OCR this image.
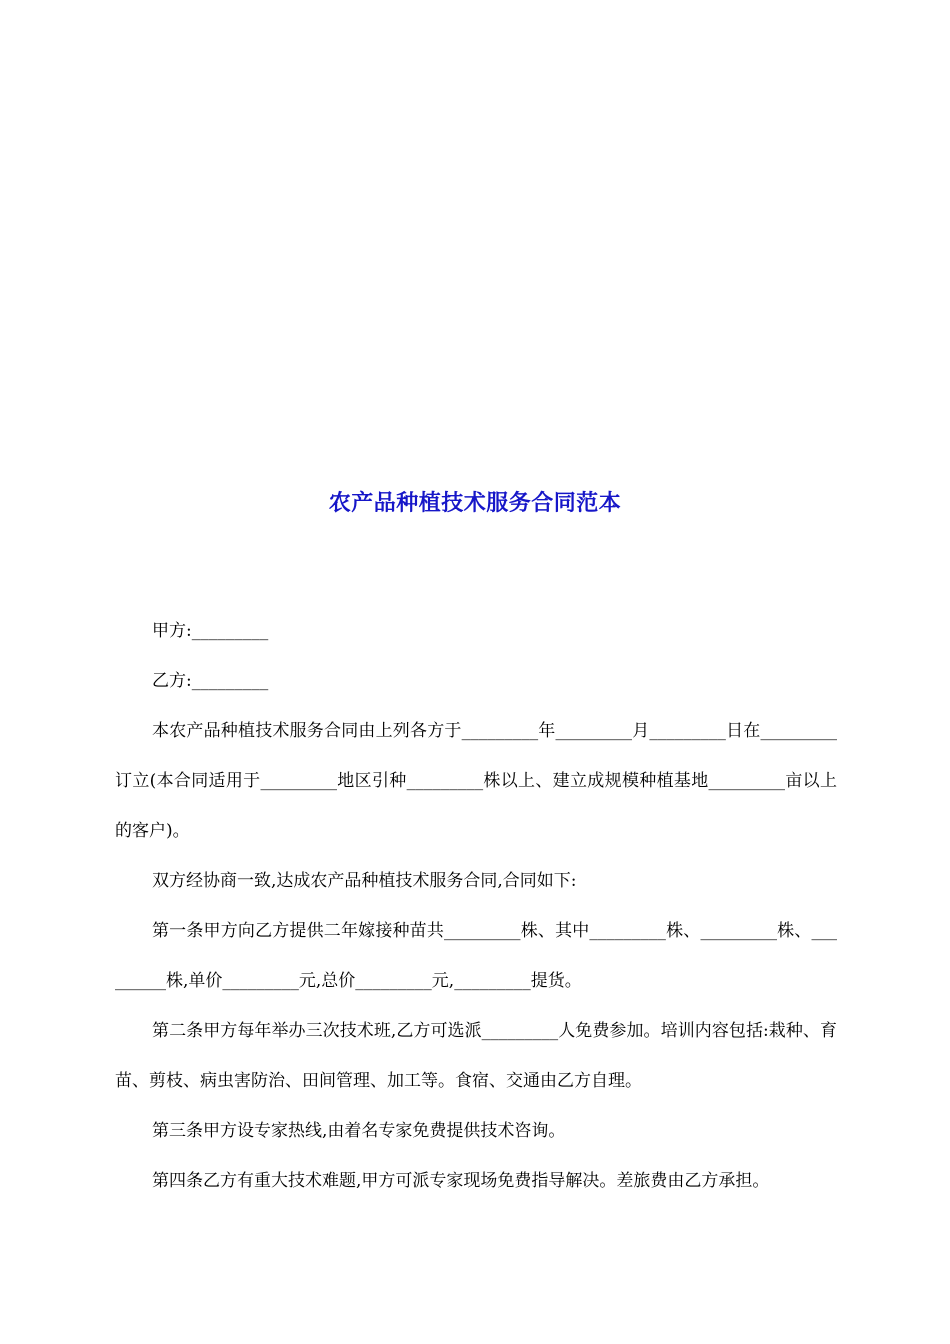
农产品种植技术服务合同范本

甲方:_________

乙方:_________

本农产品种植技术服务合同由上列各方于_________年_________月_________日在_________订立(本合同适用于_________地区引种_________株以上、建立成规模种植基地_________亩以上的客户)。

双方经协商一致,达成农产品种植技术服务合同,合同如下:

第一条甲方向乙方提供二年嫁接种苗共_________株、其中_________株、_________株、_________株,单价_________元,总价_________元,_________提货。

第二条甲方每年举办三次技术班,乙方可选派_________人免费参加。培训内容包括:栽种、育苗、剪枝、病虫害防治、田间管理、加工等。食宿、交通由乙方自理。

第三条甲方设专家热线,由着名专家免费提供技术咨询。

第四条乙方有重大技术难题,甲方可派专家现场免费指导解决。差旅费由乙方承担。
